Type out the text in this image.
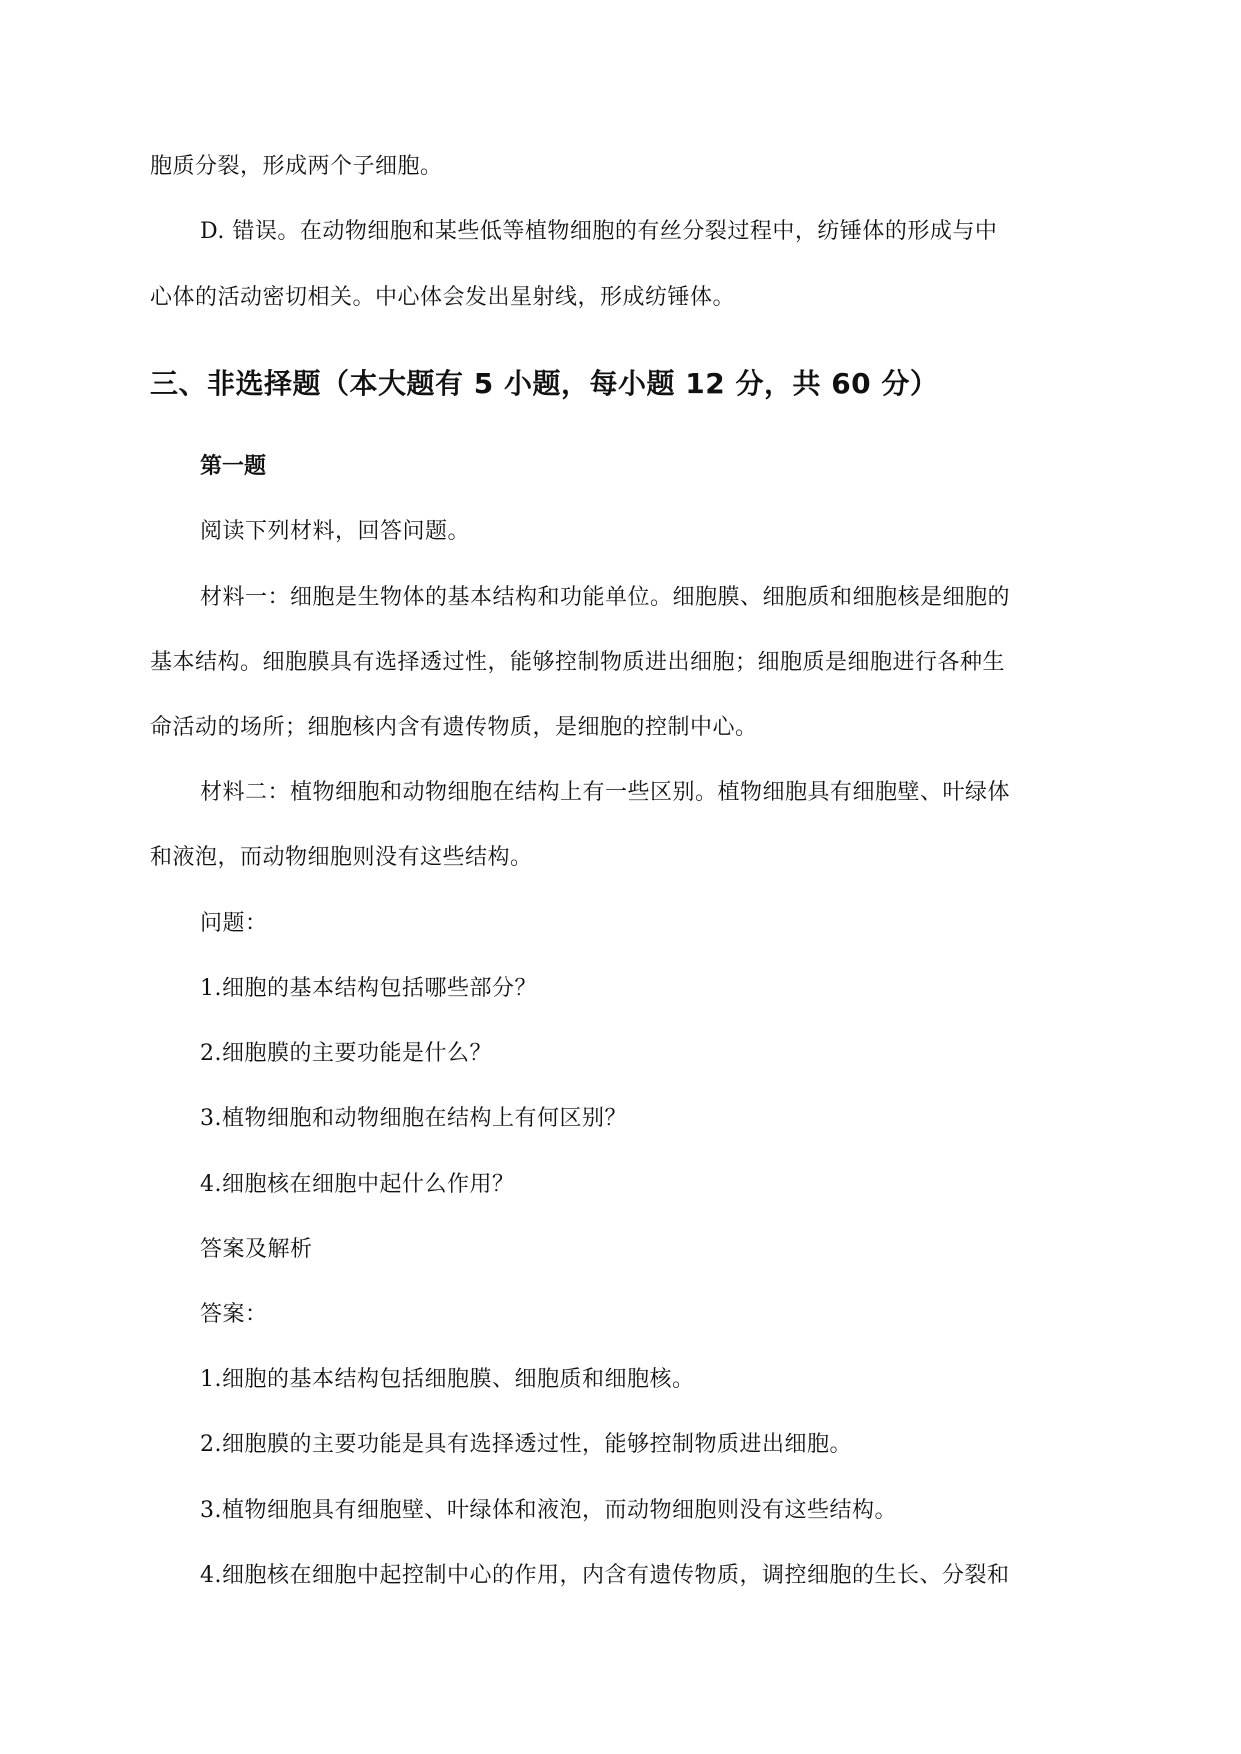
胞质分裂，形成两个子细胞。
D. 错误。在动物细胞和某些低等植物细胞的有丝分裂过程中，纺锤体的形成与中
心体的活动密切相关。中心体会发出星射线，形成纺锤体。
三、非选择题（本大题有 5 小题，每小题 12 分，共 60 分）
第一题
阅读下列材料，回答问题。
材料一：细胞是生物体的基本结构和功能单位。细胞膜、细胞质和细胞核是细胞的
基本结构。细胞膜具有选择透过性，能够控制物质进出细胞；细胞质是细胞进行各种生
命活动的场所；细胞核内含有遗传物质，是细胞的控制中心。
材料二：植物细胞和动物细胞在结构上有一些区别。植物细胞具有细胞壁、叶绿体
和液泡，而动物细胞则没有这些结构。
问题：
1.细胞的基本结构包括哪些部分？
2.细胞膜的主要功能是什么？
3.植物细胞和动物细胞在结构上有何区别？
4.细胞核在细胞中起什么作用？
答案及解析
答案：
1.细胞的基本结构包括细胞膜、细胞质和细胞核。
2.细胞膜的主要功能是具有选择透过性，能够控制物质进出细胞。
3.植物细胞具有细胞壁、叶绿体和液泡，而动物细胞则没有这些结构。
4.细胞核在细胞中起控制中心的作用，内含有遗传物质，调控细胞的生长、分裂和
